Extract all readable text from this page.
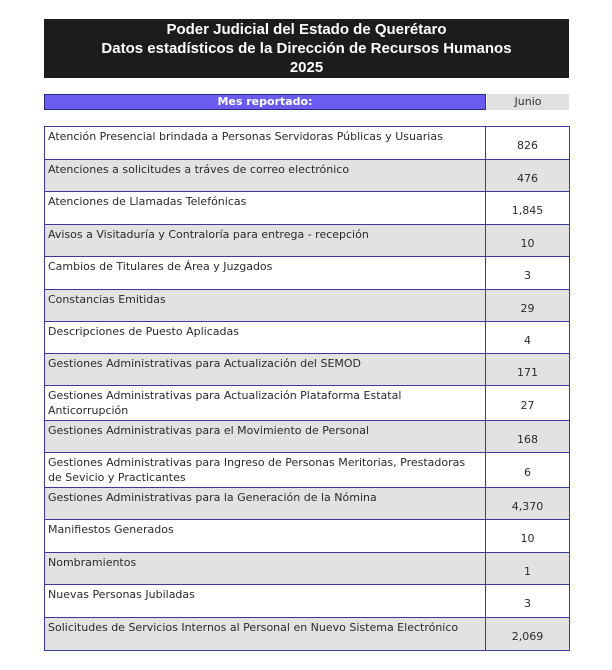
Poder Judicial del Estado de Querétaro
Datos estadísticos de la Dirección de Recursos Humanos
2025
Mes reportado:	Junio
Atención Presencial brindada a Personas Servidoras Públicas y Usuarias	826
Atenciones a solicitudes a tráves de correo electrónico	476
Atenciones de Llamadas Telefónicas	1,845
Avisos a Visitaduría y Contraloría para entrega - recepción	10
Cambios de Titulares de Área y Juzgados	3
Constancias Emitidas	29
Descripciones de Puesto Aplicadas	4
Gestiones Administrativas para Actualización del SEMOD	171
Gestiones Administrativas para Actualización Plataforma Estatal Anticorrupción	27
Gestiones Administrativas para el Movimiento de Personal	168
Gestiones Administrativas para Ingreso de Personas Meritorias, Prestadoras de Sevicio y Practicantes	6
Gestiones Administrativas para la Generación de la Nómina	4,370
Manifiestos Generados	10
Nombramientos	1
Nuevas Personas Jubiladas	3
Solicitudes de Servicios Internos al Personal en Nuevo Sistema Electrónico	2,069
